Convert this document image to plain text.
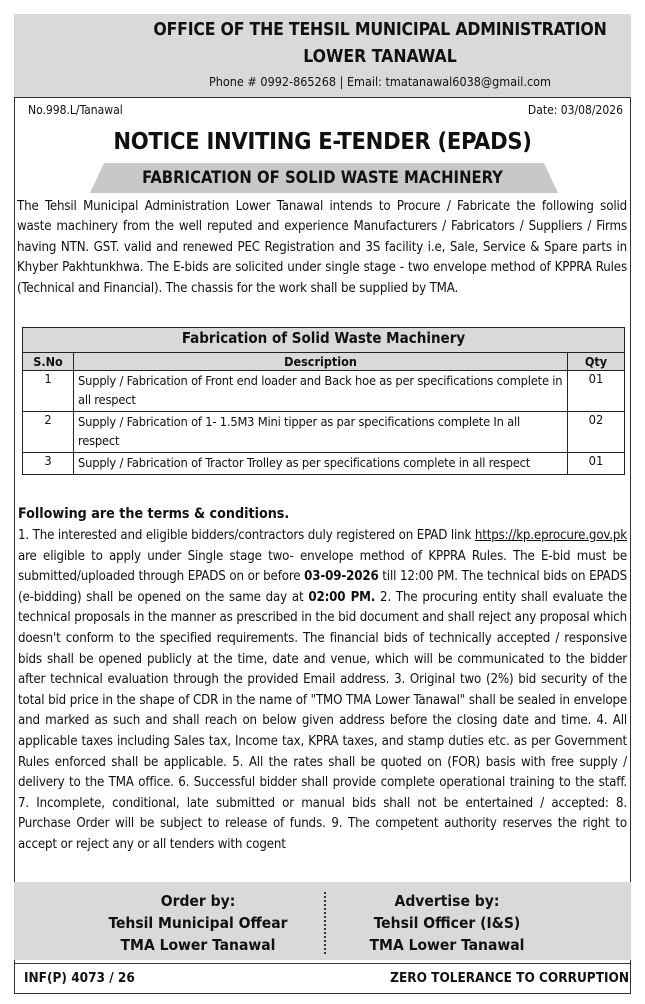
OFFICE OF THE TEHSIL MUNICIPAL ADMINISTRATION
LOWER TANAWAL
Phone # 0992-865268 | Email: tmatanawal6038@gmail.com
No.998.L/Tanawal	Date: 03/08/2026
NOTICE INVITING E-TENDER (EPADS)
FABRICATION OF SOLID WASTE MACHINERY
The Tehsil Municipal Administration Lower Tanawal intends to Procure / Fabricate the following solid waste machinery from the well reputed and experience Manufacturers / Fabricators / Suppliers / Firms having NTN. GST. valid and renewed PEC Registration and 3S facility i.e, Sale, Service & Spare parts in Khyber Pakhtunkhwa. The E-bids are solicited under single stage - two envelope method of KPPRA Rules (Technical and Financial). The chassis for the work shall be supplied by TMA.
Fabrication of Solid Waste Machinery		
S.No	Description	Qty
1	Supply / Fabrication of Front end loader and Back hoe as per specifications complete in all respect	01
2	Supply / Fabrication of 1- 1.5M3 Mini tipper as par specifications complete In all respect	02
3	Supply / Fabrication of Tractor Trolley as per specifications complete in all respect	01
Following are the terms & conditions.
1. The interested and eligible bidders/contractors duly registered on EPAD link https://kp.eprocure.gov.pk are eligible to apply under Single stage two- envelope method of KPPRA Rules. The E-bid must be submitted/uploaded through EPADS on or before 03-09-2026 till 12:00 PM. The technical bids on EPADS (e-bidding) shall be opened on the same day at 02:00 PM. 2. The procuring entity shall evaluate the technical proposals in the manner as prescribed in the bid document and shall reject any proposal which doesn't conform to the specified requirements. The financial bids of technically accepted / responsive bids shall be opened publicly at the time, date and venue, which will be communicated to the bidder after technical evaluation through the provided Email address. 3. Original two (2%) bid security of the total bid price in the shape of CDR in the name of "TMO TMA Lower Tanawal" shall be sealed in envelope and marked as such and shall reach on below given address before the closing date and time. 4. All applicable taxes including Sales tax, Income tax, KPRA taxes, and stamp duties etc. as per Government Rules enforced shall be applicable. 5. All the rates shall be quoted on (FOR) basis with free supply / delivery to the TMA office. 6. Successful bidder shall provide complete operational training to the staff. 7. Incomplete, conditional, late submitted or manual bids shall not be entertained / accepted: 8. Purchase Order will be subject to release of funds. 9. The competent authority reserves the right to accept or reject any or all tenders with cogent
Order by:
Tehsil Municipal Offear
TMA Lower Tanawal
Advertise by:
Tehsil Officer (I&S)
TMA Lower Tanawal
INF(P) 4073 / 26	ZERO TOLERANCE TO CORRUPTION
